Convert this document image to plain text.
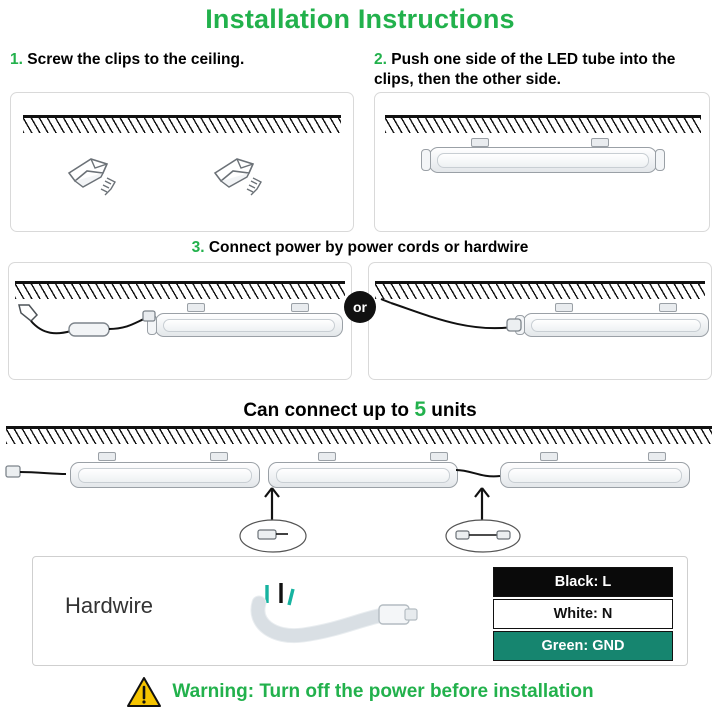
Installation Instructions
1. Screw the clips to the ceiling.	2. Push one side of the LED tube into the clips, then the other side.
3. Connect power by power cords or hardwire
or
Can connect up to 5 units
Hardwire
Black: L
White: N
Green: GND
Warning: Turn off the power before installation
